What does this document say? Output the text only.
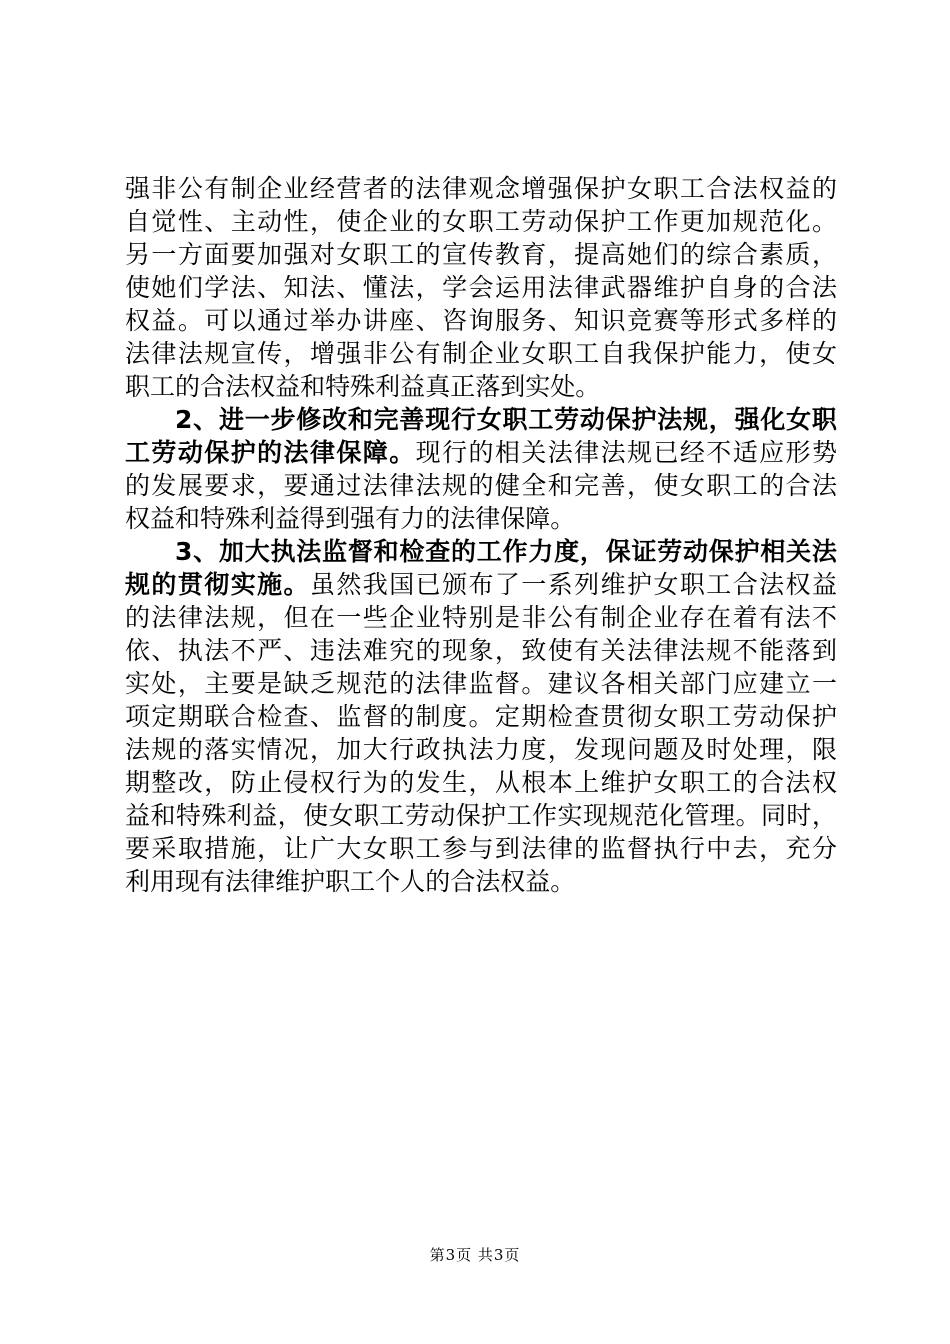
强 非 公 有 制 企 业 经 营 者 的 法 律 观 念 增 强 保 护 女 职 工 合 法 权 益 的
自 觉 性 、 主 动 性 ， 使 企 业 的 女 职 工 劳 动 保 护 工 作 更 加 规 范 化 。
另 一 方 面 要 加 强 对 女 职 工 的 宣 传 教 育 ， 提 高 她 们 的 综 合 素 质 ，
使 她 们 学 法 、 知 法 、 懂 法 ， 学 会 运 用 法 律 武 器 维 护 自 身 的 合 法
权 益 。 可 以 通 过 举 办 讲 座 、 咨 询 服 务 、 知 识 竞 赛 等 形 式 多 样 的
法 律 法 规 宣 传 ， 增 强 非 公 有 制 企 业 女 职 工 自 我 保 护 能 力 ， 使 女
职 工 的 合 法 权 益 和 特 殊 利 益 真 正 落 到 实 处 。
2 、 进 一 步 修 改 和 完 善 现 行 女 职 工 劳 动 保 护 法 规 ， 强 化 女 职
工 劳 动 保 护 的 法 律 保 障 。 现 行 的 相 关 法 律 法 规 已 经 不 适 应 形 势
的 发 展 要 求 ， 要 通 过 法 律 法 规 的 健 全 和 完 善 ， 使 女 职 工 的 合 法
权 益 和 特 殊 利 益 得 到 强 有 力 的 法 律 保 障 。
3 、 加 大 执 法 监 督 和 检 查 的 工 作 力 度 ， 保 证 劳 动 保 护 相 关 法
规 的 贯 彻 实 施 。 虽 然 我 国 已 颁 布 了 一 系 列 维 护 女 职 工 合 法 权 益
的 法 律 法 规 ， 但 在 一 些 企 业 特 别 是 非 公 有 制 企 业 存 在 着 有 法 不
依 、 执 法 不 严 、 违 法 难 究 的 现 象 ， 致 使 有 关 法 律 法 规 不 能 落 到
实 处 ， 主 要 是 缺 乏 规 范 的 法 律 监 督 。 建 议 各 相 关 部 门 应 建 立 一
项 定 期 联 合 检 查 、 监 督 的 制 度 。 定 期 检 查 贯 彻 女 职 工 劳 动 保 护
法 规 的 落 实 情 况 ， 加 大 行 政 执 法 力 度 ， 发 现 问 题 及 时 处 理 ， 限
期 整 改 ， 防 止 侵 权 行 为 的 发 生 ， 从 根 本 上 维 护 女 职 工 的 合 法 权
益 和 特 殊 利 益 ， 使 女 职 工 劳 动 保 护 工 作 实 现 规 范 化 管 理 。 同 时 ，
要 采 取 措 施 ， 让 广 大 女 职 工 参 与 到 法 律 的 监 督 执 行 中 去 ， 充 分
利 用 现 有 法 律 维 护 职 工 个 人 的 合 法 权 益 。
第3页 共3页
